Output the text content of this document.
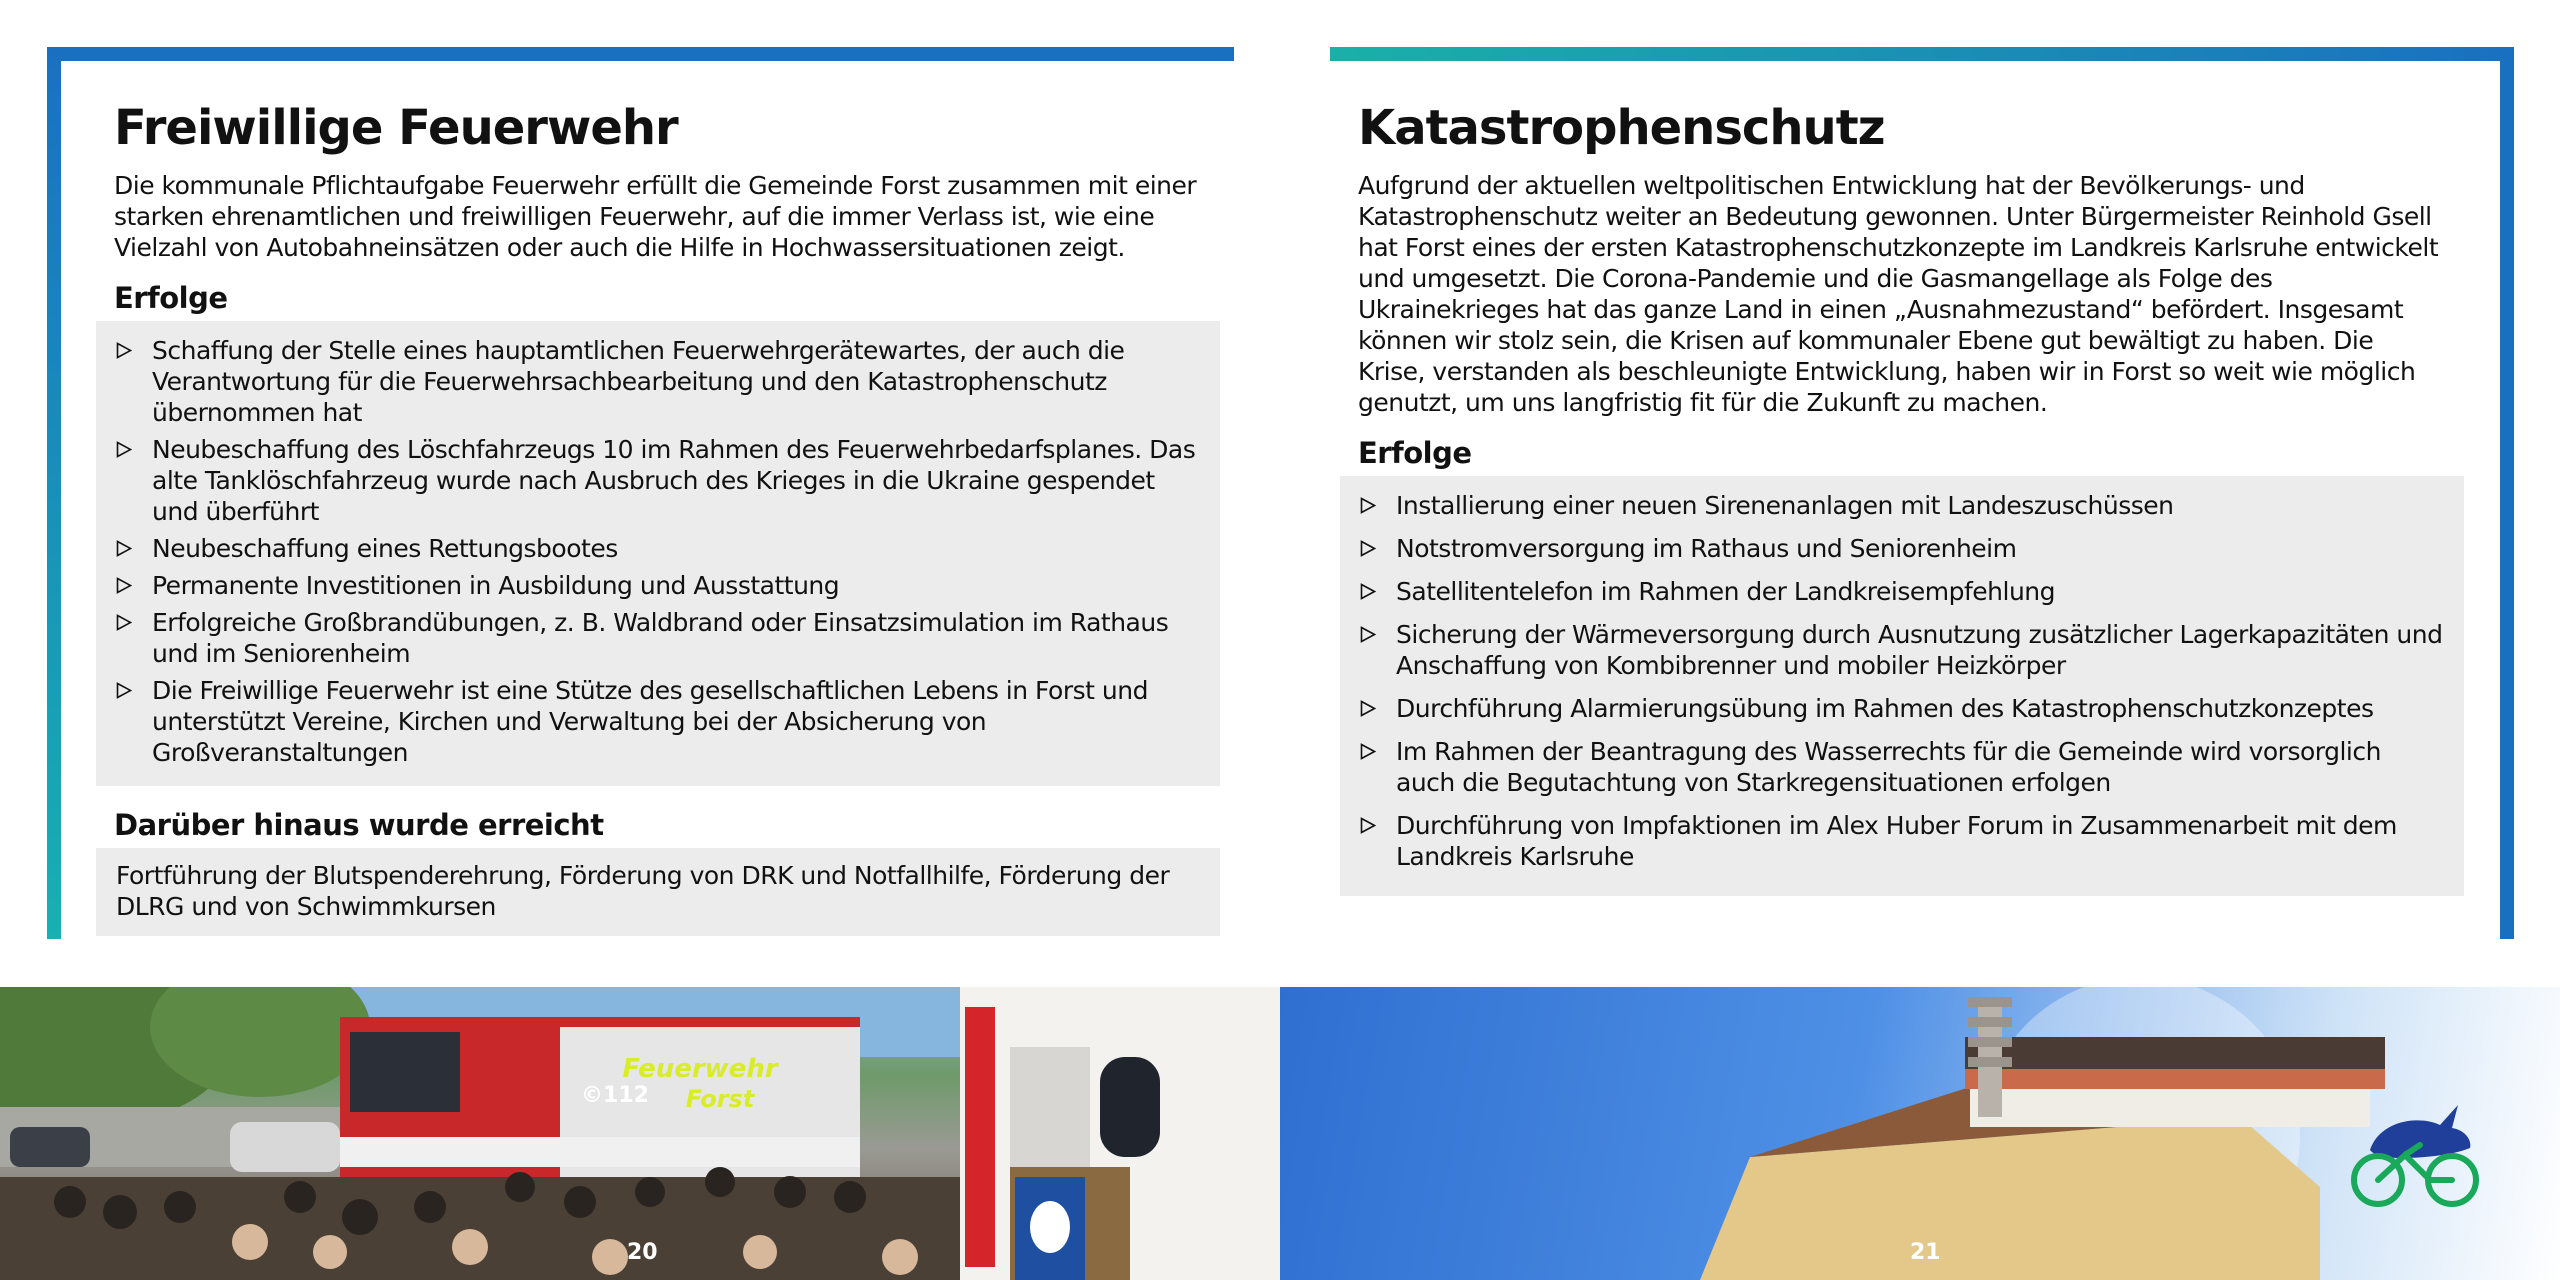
Freiwillige Feuerwehr

Die kommunale Pflichtaufgabe Feuerwehr erfüllt die Gemeinde Forst zusammen mit einer starken ehrenamtlichen und freiwilligen Feuerwehr, auf die immer Verlass ist, wie eine Vielzahl von Autobahneinsätzen oder auch die Hilfe in Hochwassersituationen zeigt.

Erfolge
Schaffung der Stelle eines hauptamtlichen Feuerwehrgerätewartes, der auch die Verantwortung für die Feuerwehrsachbearbeitung und den Katastrophenschutz übernommen hat
Neubeschaffung des Löschfahrzeugs 10 im Rahmen des Feuerwehrbedarfsplanes. Das alte Tanklöschfahrzeug wurde nach Ausbruch des Krieges in die Ukraine gespendet und überführt
Neubeschaffung eines Rettungsbootes
Permanente Investitionen in Ausbildung und Ausstattung
Erfolgreiche Großbrandübungen, z. B. Waldbrand oder Einsatzsimulation im Rathaus und im Seniorenheim
Die Freiwillige Feuerwehr ist eine Stütze des gesellschaftlichen Lebens in Forst und unterstützt Vereine, Kirchen und Verwaltung bei der Absicherung von Großveranstaltungen
Darüber hinaus wurde erreicht

Fortführung der Blutspenderehrung, Förderung von DRK und Notfallhilfe, Förderung der DLRG und von Schwimmkursen

Katastrophenschutz

Aufgrund der aktuellen weltpolitischen Entwicklung hat der Bevölkerungs- und Katastrophenschutz weiter an Bedeutung gewonnen. Unter Bürgermeister Reinhold Gsell hat Forst eines der ersten Katastrophenschutzkonzepte im Landkreis Karlsruhe entwickelt und umgesetzt. Die Corona-Pandemie und die Gasmangellage als Folge des Ukrainekrieges hat das ganze Land in einen „Ausnahmezustand“ befördert. Insgesamt können wir stolz sein, die Krisen auf kommunaler Ebene gut bewältigt zu haben. Die Krise, verstanden als beschleunigte Entwicklung, haben wir in Forst so weit wie möglich genutzt, um uns langfristig fit für die Zukunft zu machen.

Erfolge
Installierung einer neuen Sirenenanlagen mit Landeszuschüssen
Notstromversorgung im Rathaus und Seniorenheim
Satellitentelefon im Rahmen der Landkreisempfehlung
Sicherung der Wärmeversorgung durch Ausnutzung zusätzlicher Lagerkapazitäten und Anschaffung von Kombibrenner und mobiler Heizkörper
Durchführung Alarmierungsübung im Rahmen des Katastrophenschutzkonzeptes
Im Rahmen der Beantragung des Wasserrechts für die Gemeinde wird vorsorglich auch die Begutachtung von Starkregensituationen erfolgen
Durchführung von Impfaktionen im Alex Huber Forum in Zusammenarbeit mit dem Landkreis Karlsruhe
Feuerwehr
Forst
©112
20	21
